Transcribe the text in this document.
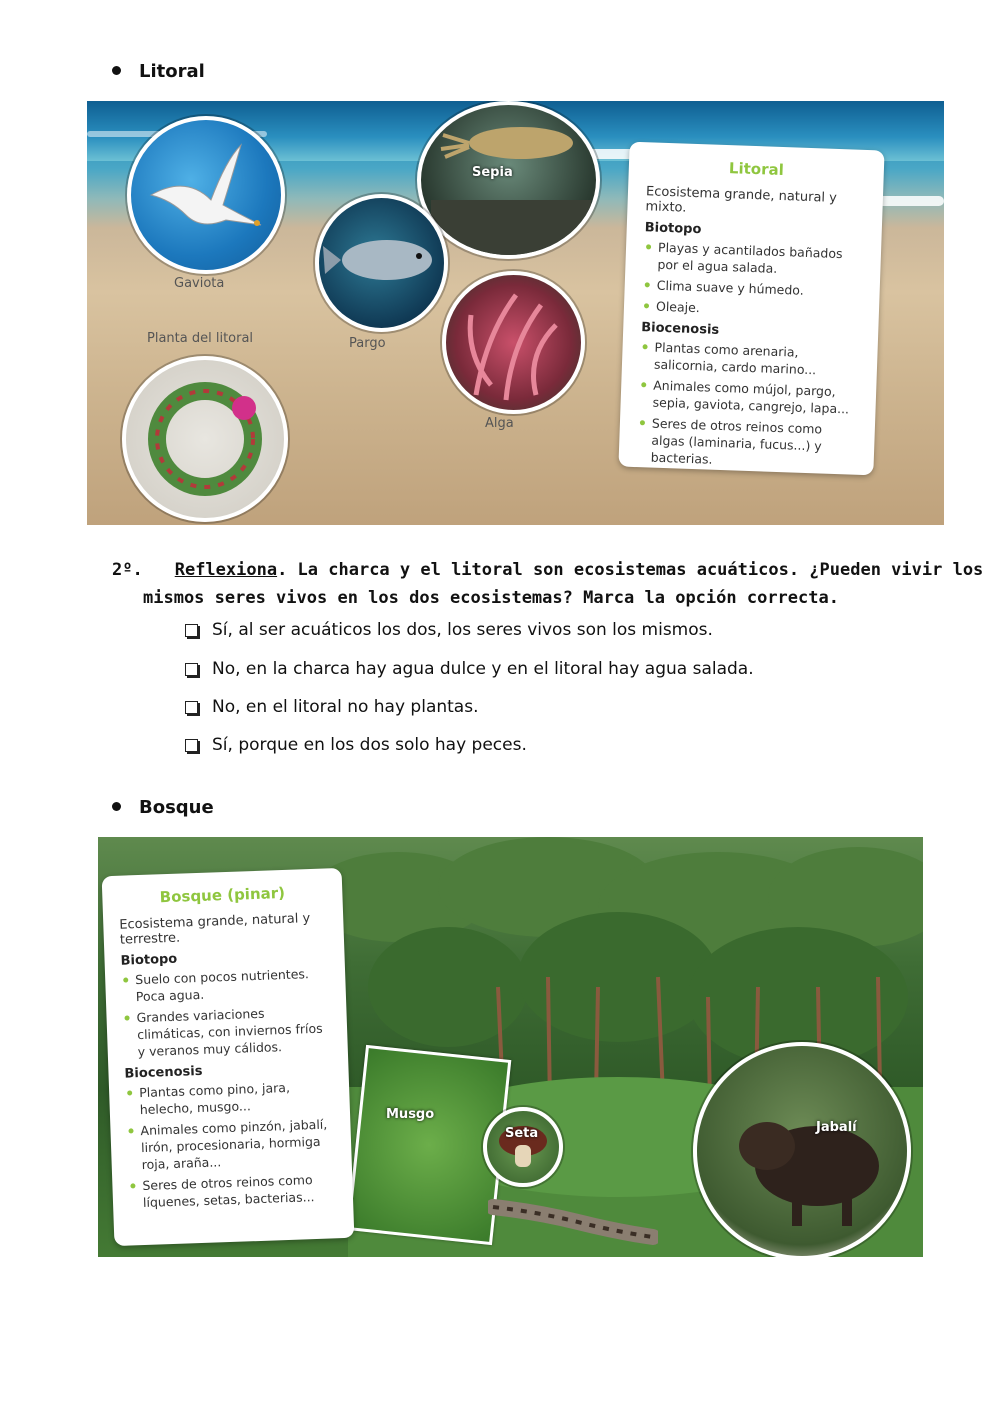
Litoral
Gaviota
Sepia
Pargo
Alga
Planta del litoral
Litoral
Ecosistema grande, natural y mixto.
Biotopo
Playas y acantilados bañados por el agua salada.
Clima suave y húmedo.
Oleaje.
Biocenosis
Plantas como arenaria, salicornia, cardo marino...
Animales como mújol, pargo, sepia, gaviota, cangrejo, lapa...
Seres de otros reinos como algas (laminaria, fucus...) y bacterias.
2º. Reflexiona. La charca y el litoral son ecosistemas acuáticos. ¿Pueden vivir los
mismos seres vivos en los dos ecosistemas? Marca la opción correcta.
Sí, al ser acuáticos los dos, los seres vivos son los mismos.
No, en la charca hay agua dulce y en el litoral hay agua salada.
No, en el litoral no hay plantas.
Sí, porque en los dos solo hay peces.
Bosque
Musgo
Seta	Jabalí
Bosque (pinar)
Ecosistema grande, natural y terrestre.
Biotopo
Suelo con pocos nutrientes. Poca agua.
Grandes variaciones climáticas, con inviernos fríos y veranos muy cálidos.
Biocenosis
Plantas como pino, jara, helecho, musgo...
Animales como pinzón, jabalí, lirón, procesionaria, hormiga roja, araña...
Seres de otros reinos como líquenes, setas, bacterias...
